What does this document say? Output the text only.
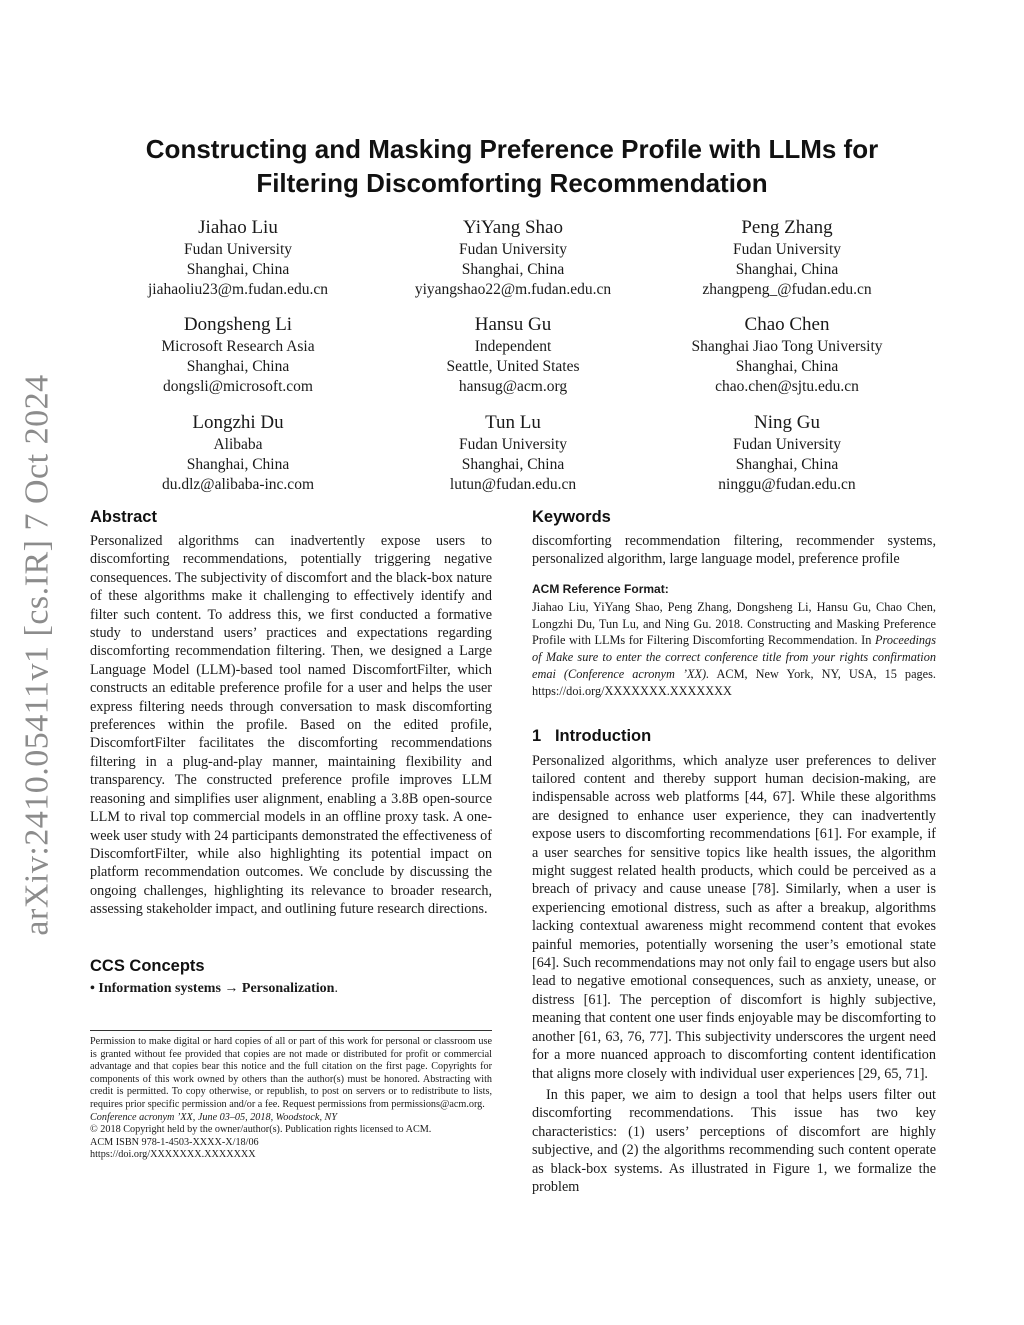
arXiv:2410.05411v1 [cs.IR] 7 Oct 2024
Constructing and Masking Preference Profile with LLMs for Filtering Discomforting Recommendation
Jiahao Liu
Fudan University
Shanghai, China
jiahaoliu23@m.fudan.edu.cn
YiYang Shao
Fudan University
Shanghai, China
yiyangshao22@m.fudan.edu.cn
Peng Zhang
Fudan University
Shanghai, China
zhangpeng_@fudan.edu.cn
Dongsheng Li
Microsoft Research Asia
Shanghai, China
dongsli@microsoft.com
Hansu Gu
Independent
Seattle, United States
hansug@acm.org
Chao Chen
Shanghai Jiao Tong University
Shanghai, China
chao.chen@sjtu.edu.cn
Longzhi Du
Alibaba
Shanghai, China
du.dlz@alibaba-inc.com
Tun Lu
Fudan University
Shanghai, China
lutun@fudan.edu.cn
Ning Gu
Fudan University
Shanghai, China
ninggu@fudan.edu.cn
Abstract

Personalized algorithms can inadvertently expose users to discomforting recommendations, potentially triggering negative consequences. The subjectivity of discomfort and the black-box nature of these algorithms make it challenging to effectively identify and filter such content. To address this, we first conducted a formative study to understand users’ practices and expectations regarding discomforting recommendation filtering. Then, we designed a Large Language Model (LLM)-based tool named DiscomfortFilter, which constructs an editable preference profile for a user and helps the user express filtering needs through conversation to mask discomforting preferences within the profile. Based on the edited profile, DiscomfortFilter facilitates the discomforting recommendations filtering in a plug-and-play manner, maintaining flexibility and transparency. The constructed preference profile improves LLM reasoning and simplifies user alignment, enabling a 3.8B open-source LLM to rival top commercial models in an offline proxy task. A one-week user study with 24 participants demonstrated the effectiveness of DiscomfortFilter, while also highlighting its potential impact on platform recommendation outcomes. We conclude by discussing the ongoing challenges, highlighting its relevance to broader research, assessing stakeholder impact, and outlining future research directions.

CCS Concepts

• Information systems → Personalization.

Permission to make digital or hard copies of all or part of this work for personal or classroom use is granted without fee provided that copies are not made or distributed for profit or commercial advantage and that copies bear this notice and the full citation on the first page. Copyrights for components of this work owned by others than the author(s) must be honored. Abstracting with credit is permitted. To copy otherwise, or republish, to post on servers or to redistribute to lists, requires prior specific permission and/or a fee. Request permissions from permissions@acm.org.

Conference acronym ’XX, June 03–05, 2018, Woodstock, NY

© 2018 Copyright held by the owner/author(s). Publication rights licensed to ACM.

ACM ISBN 978-1-4503-XXXX-X/18/06

https://doi.org/XXXXXXX.XXXXXXX

Keywords

discomforting recommendation filtering, recommender systems, personalized algorithm, large language model, preference profile

ACM Reference Format:

Jiahao Liu, YiYang Shao, Peng Zhang, Dongsheng Li, Hansu Gu, Chao Chen, Longzhi Du, Tun Lu, and Ning Gu. 2018. Constructing and Masking Preference Profile with LLMs for Filtering Discomforting Recommendation. In Proceedings of Make sure to enter the correct conference title from your rights confirmation emai (Conference acronym ’XX). ACM, New York, NY, USA, 15 pages. https://doi.org/XXXXXXX.XXXXXXX

1 Introduction

Personalized algorithms, which analyze user preferences to deliver tailored content and thereby support human decision-making, are indispensable across web platforms [44, 67]. While these algorithms are designed to enhance user experience, they can inadvertently expose users to discomforting recommendations [61]. For example, if a user searches for sensitive topics like health issues, the algorithm might suggest related health products, which could be perceived as a breach of privacy and cause unease [78]. Similarly, when a user is experiencing emotional distress, such as after a breakup, algorithms lacking contextual awareness might recommend content that evokes painful memories, potentially worsening the user’s emotional state [64]. Such recommendations may not only fail to engage users but also lead to negative emotional consequences, such as anxiety, unease, or distress [61]. The perception of discomfort is highly subjective, meaning that content one user finds enjoyable may be discomforting to another [61, 63, 76, 77]. This subjectivity underscores the urgent need for a more nuanced approach to discomforting content identification that aligns more closely with individual user experiences [29, 65, 71].

In this paper, we aim to design a tool that helps users filter out discomforting recommendations. This issue has two key characteristics: (1) users’ perceptions of discomfort are highly subjective, and (2) the algorithms recommending such content operate as black-box systems. As illustrated in Figure 1, we formalize the problem
